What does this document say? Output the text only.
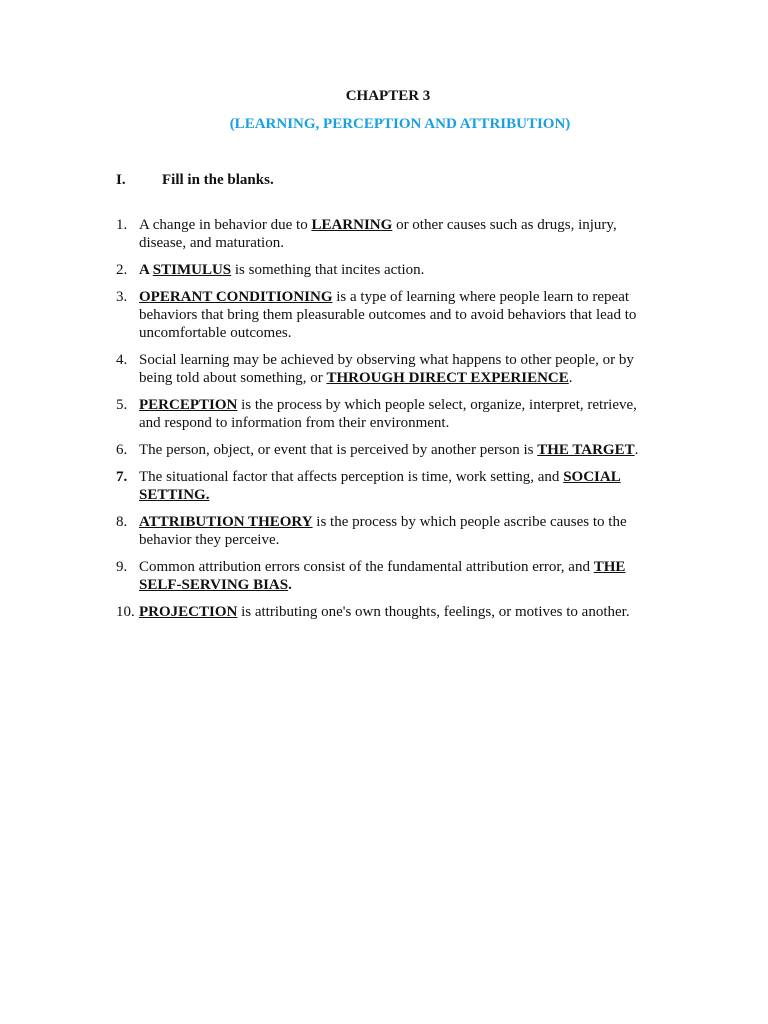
CHAPTER 3
(LEARNING, PERCEPTION AND ATTRIBUTION)
I. Fill in the blanks.
1. A change in behavior due to LEARNING or other causes such as drugs, injury, disease, and maturation.
2. A STIMULUS is something that incites action.
3. OPERANT CONDITIONING is a type of learning where people learn to repeat behaviors that bring them pleasurable outcomes and to avoid behaviors that lead to uncomfortable outcomes.
4. Social learning may be achieved by observing what happens to other people, or by being told about something, or THROUGH DIRECT EXPERIENCE.
5. PERCEPTION is the process by which people select, organize, interpret, retrieve, and respond to information from their environment.
6. The person, object, or event that is perceived by another person is THE TARGET.
7. The situational factor that affects perception is time, work setting, and SOCIAL SETTING.
8. ATTRIBUTION THEORY is the process by which people ascribe causes to the behavior they perceive.
9. Common attribution errors consist of the fundamental attribution error, and THE SELF-SERVING BIAS.
10. PROJECTION is attributing one's own thoughts, feelings, or motives to another.
